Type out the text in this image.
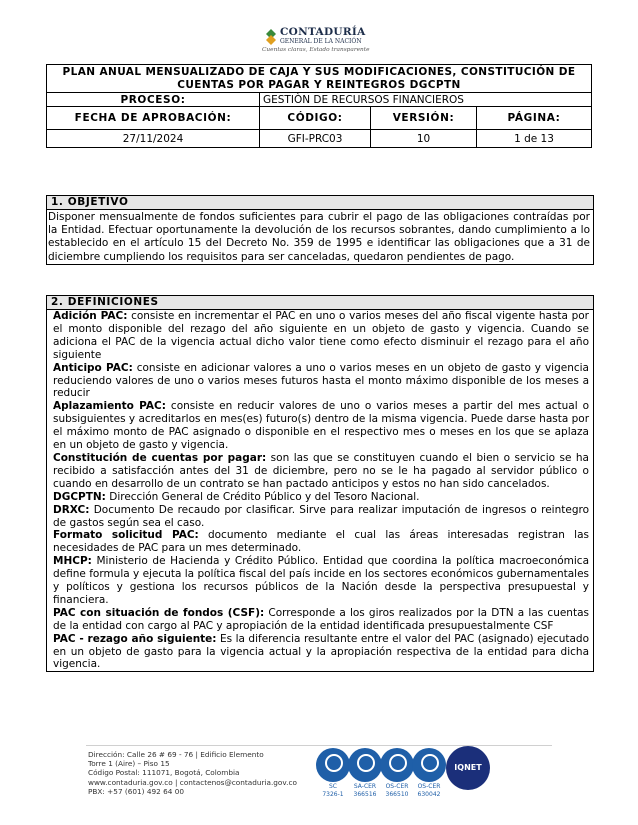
CONTADURÍA
GENERAL DE LA NACIÓN
Cuentas claras, Estado transparente
PLAN ANUAL MENSUALIZADO DE CAJA Y SUS MODIFICACIONES, CONSTITUCIÓN DE CUENTAS POR PAGAR Y REINTEGROS DGCPTN			
PROCESO:	GESTIÒN DE RECURSOS FINANCIEROS		
FECHA DE APROBACIÓN:	CÓDIGO:	VERSIÓN:	PÁGINA:
27/11/2024	GFI-PRC03	10	1 de 13
1. OBJETIVO
Disponer mensualmente de fondos suficientes para cubrir el pago de las obligaciones contraídas por la Entidad. Efectuar oportunamente la devolución de los recursos sobrantes, dando cumplimiento a lo establecido en el artículo 15 del Decreto No. 359 de 1995 e identificar las obligaciones que a 31 de diciembre cumpliendo los requisitos para ser canceladas, quedaron pendientes de pago.
2. DEFINICIONES

Adición PAC: consiste en incrementar el PAC en uno o varios meses del año fiscal vigente hasta por el monto disponible del rezago del año siguiente en un objeto de gasto y vigencia. Cuando se adiciona el PAC de la vigencia actual dicho valor tiene como efecto disminuir el rezago para el año siguiente

Anticipo PAC: consiste en adicionar valores a uno o varios meses en un objeto de gasto y vigencia reduciendo valores de uno o varios meses futuros hasta el monto máximo disponible de los meses a reducir

Aplazamiento PAC: consiste en reducir valores de uno o varios meses a partir del mes actual o subsiguientes y acreditarlos en mes(es) futuro(s) dentro de la misma vigencia. Puede darse hasta por el máximo monto de PAC asignado o disponible en el respectivo mes o meses en los que se aplaza en un objeto de gasto y vigencia.

Constitución de cuentas por pagar: son las que se constituyen cuando el bien o servicio se ha recibido a satisfacción antes del 31 de diciembre, pero no se le ha pagado al servidor público o cuando en desarrollo de un contrato se han pactado anticipos y estos no han sido cancelados.

DGCPTN: Dirección General de Crédito Público y del Tesoro Nacional.

DRXC: Documento De recaudo por clasificar. Sirve para realizar imputación de ingresos o reintegro de gastos según sea el caso.

Formato solicitud PAC: documento mediante el cual las áreas interesadas registran las necesidades de PAC para un mes determinado.

MHCP: Ministerio de Hacienda y Crédito Público. Entidad que coordina la política macroeconómica define formula y ejecuta la política fiscal del país incide en los sectores económicos gubernamentales y políticos y gestiona los recursos públicos de la Nación desde la perspectiva presupuestal y financiera.

PAC con situación de fondos (CSF): Corresponde a los giros realizados por la DTN a las cuentas de la entidad con cargo al PAC y apropiación de la entidad identificada presupuestalmente CSF

PAC - rezago año siguiente: Es la diferencia resultante entre el valor del PAC (asignado) ejecutado en un objeto de gasto para la vigencia actual y la apropiación respectiva de la entidad para dicha vigencia.

Dirección: Calle 26 # 69 - 76 | Edificio Elemento
Torre 1 (Aire) – Piso 15
Código Postal: 111071, Bogotá, Colombia
www.contaduria.gov.co | contactenos@contaduria.gov.co
PBX: +57 (601) 492 64 00
SC
7326-1
SA-CER
366516
OS-CER
366510
OS-CER
630042
IQNET
